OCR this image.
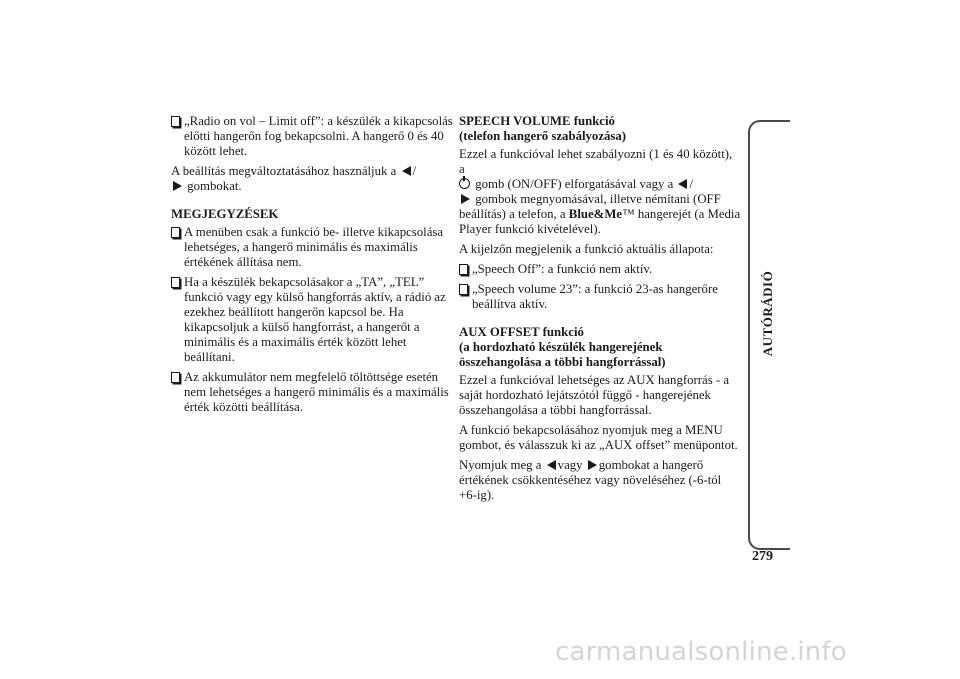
„Radio on vol – Limit off”: a készülék a kikapcsolás előtti hangerőn fog bekapcsolni. A hangerő 0 és 40 között lehet.

A beállítás megváltoztatásához használjuk a /
gombokat.

MEGJEGYZÉSEK
A menüben csak a funkció be- illetve kikapcsolása lehetséges, a hangerő minimális és maximális értékének állítása nem.
Ha a készülék bekapcsolásakor a „TA”, „TEL” funkció vagy egy külső hangforrás aktív, a rádió az ezekhez beállított hangerőn kapcsol be. Ha kikapcsoljuk a külső hangforrást, a hangerőt a minimális és a maximális érték között lehet beállítani.
Az akkumulátor nem megfelelő töltöttsége esetén nem lehetséges a hangerő minimális és a maximális érték közötti beállítása.
SPEECH VOLUME funkció
(telefon hangerő szabályozása)

Ezzel a funkcióval lehet szabályozni (1 és 40 között), a
gomb (ON/OFF) elforgatásával vagy a /
gombok megnyomásával, illetve némítani (OFF beállítás) a telefon, a Blue&Me™ hangerejét (a Media Player funkció kivételével).

A kijelzőn megjelenik a funkció aktuális állapota:

„Speech Off”: a funkció nem aktív.
„Speech volume 23”: a funkció 23-as hangerőre beállítva aktív.
AUX OFFSET funkció
(a hordozható készülék hangerejének összehangolása a többi hangforrással)

Ezzel a funkcióval lehetséges az AUX hangforrás - a saját hordozható lejátszótól függő - hangerejének összehangolása a többi hangforrással.

A funkció bekapcsolásához nyomjuk meg a MENU gombot, és válasszuk ki az „AUX offset” menüpontot.

Nyomjuk meg a vagy gombokat a hangerő értékének csökkentéséhez vagy növeléséhez (-6-tól +6-ig).

AUTÓRÁDIÓ
279
carmanualsonline.info
